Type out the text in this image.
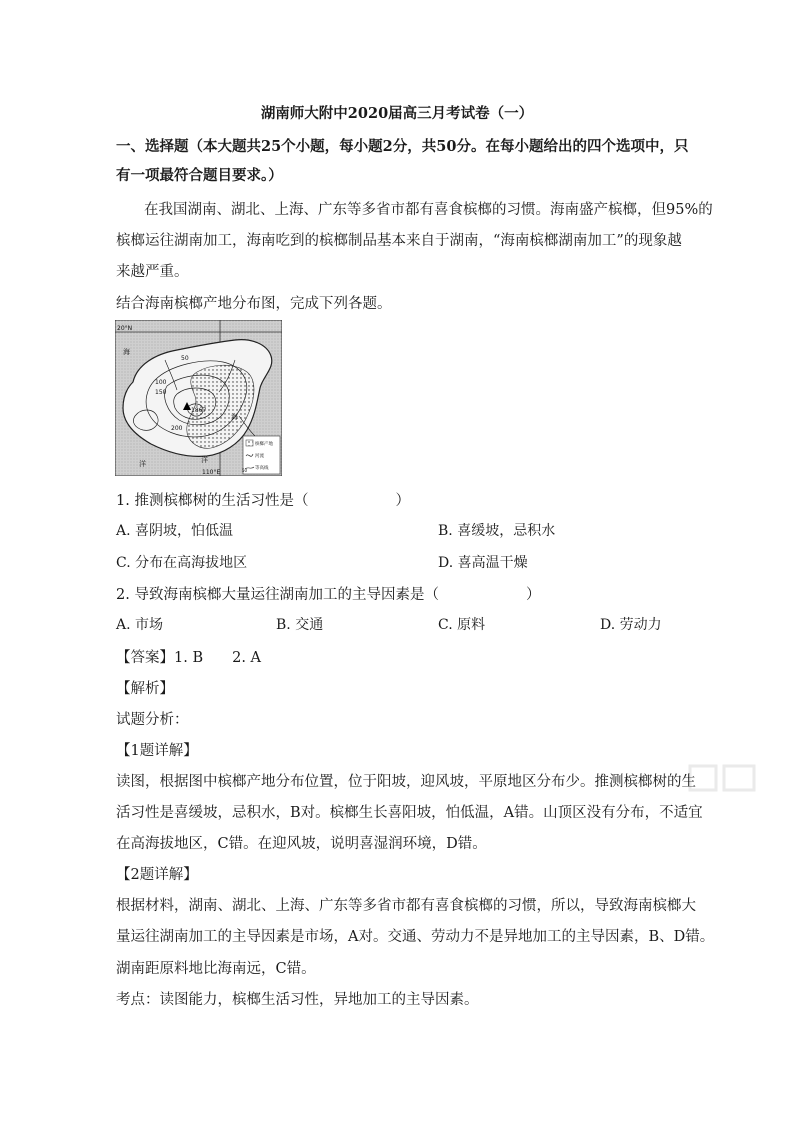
湖南师大附中2020届高三月考试卷（一）
一、选择题（本大题共25个小题，每小题2分，共50分。在每小题给出的四个选项中，只
有一项最符合题目要求。）
在我国湖南、湖北、上海、广东等多省市都有喜食槟榔的习惯。海南盛产槟榔，但95%的
槟榔运往湖南加工，海南吃到的槟榔制品基本来自于湖南，“海南槟榔湖南加工”的现象越
来越严重。
结合海南槟榔产地分布图，完成下列各题。
20°N
海
海
洋	洋
50
100
150
200
1867
110°E
槟榔产地
河流
50 等高线
1. 推测槟榔树的生活习性是（　　　　　　）
A. 喜阴坡，怕低温	B. 喜缓坡，忌积水
C. 分布在高海拔地区	D. 喜高温干燥
2. 导致海南槟榔大量运往湖南加工的主导因素是（　　　　　　）
A. 市场	B. 交通	C. 原料	D. 劳动力
【答案】1. B　　2. A
【解析】
试题分析：
【1题详解】
读图，根据图中槟榔产地分布位置，位于阳坡，迎风坡，平原地区分布少。推测槟榔树的生
活习性是喜缓坡，忌积水，B对。槟榔生长喜阳坡，怕低温，A错。山顶区没有分布，不适宜
在高海拔地区，C错。在迎风坡，说明喜湿润环境，D错。
【2题详解】
根据材料，湖南、湖北、上海、广东等多省市都有喜食槟榔的习惯，所以，导致海南槟榔大
量运往湖南加工的主导因素是市场，A对。交通、劳动力不是异地加工的主导因素，B、D错。
湖南距原料地比海南远，C错。
考点：读图能力，槟榔生活习性，异地加工的主导因素。
